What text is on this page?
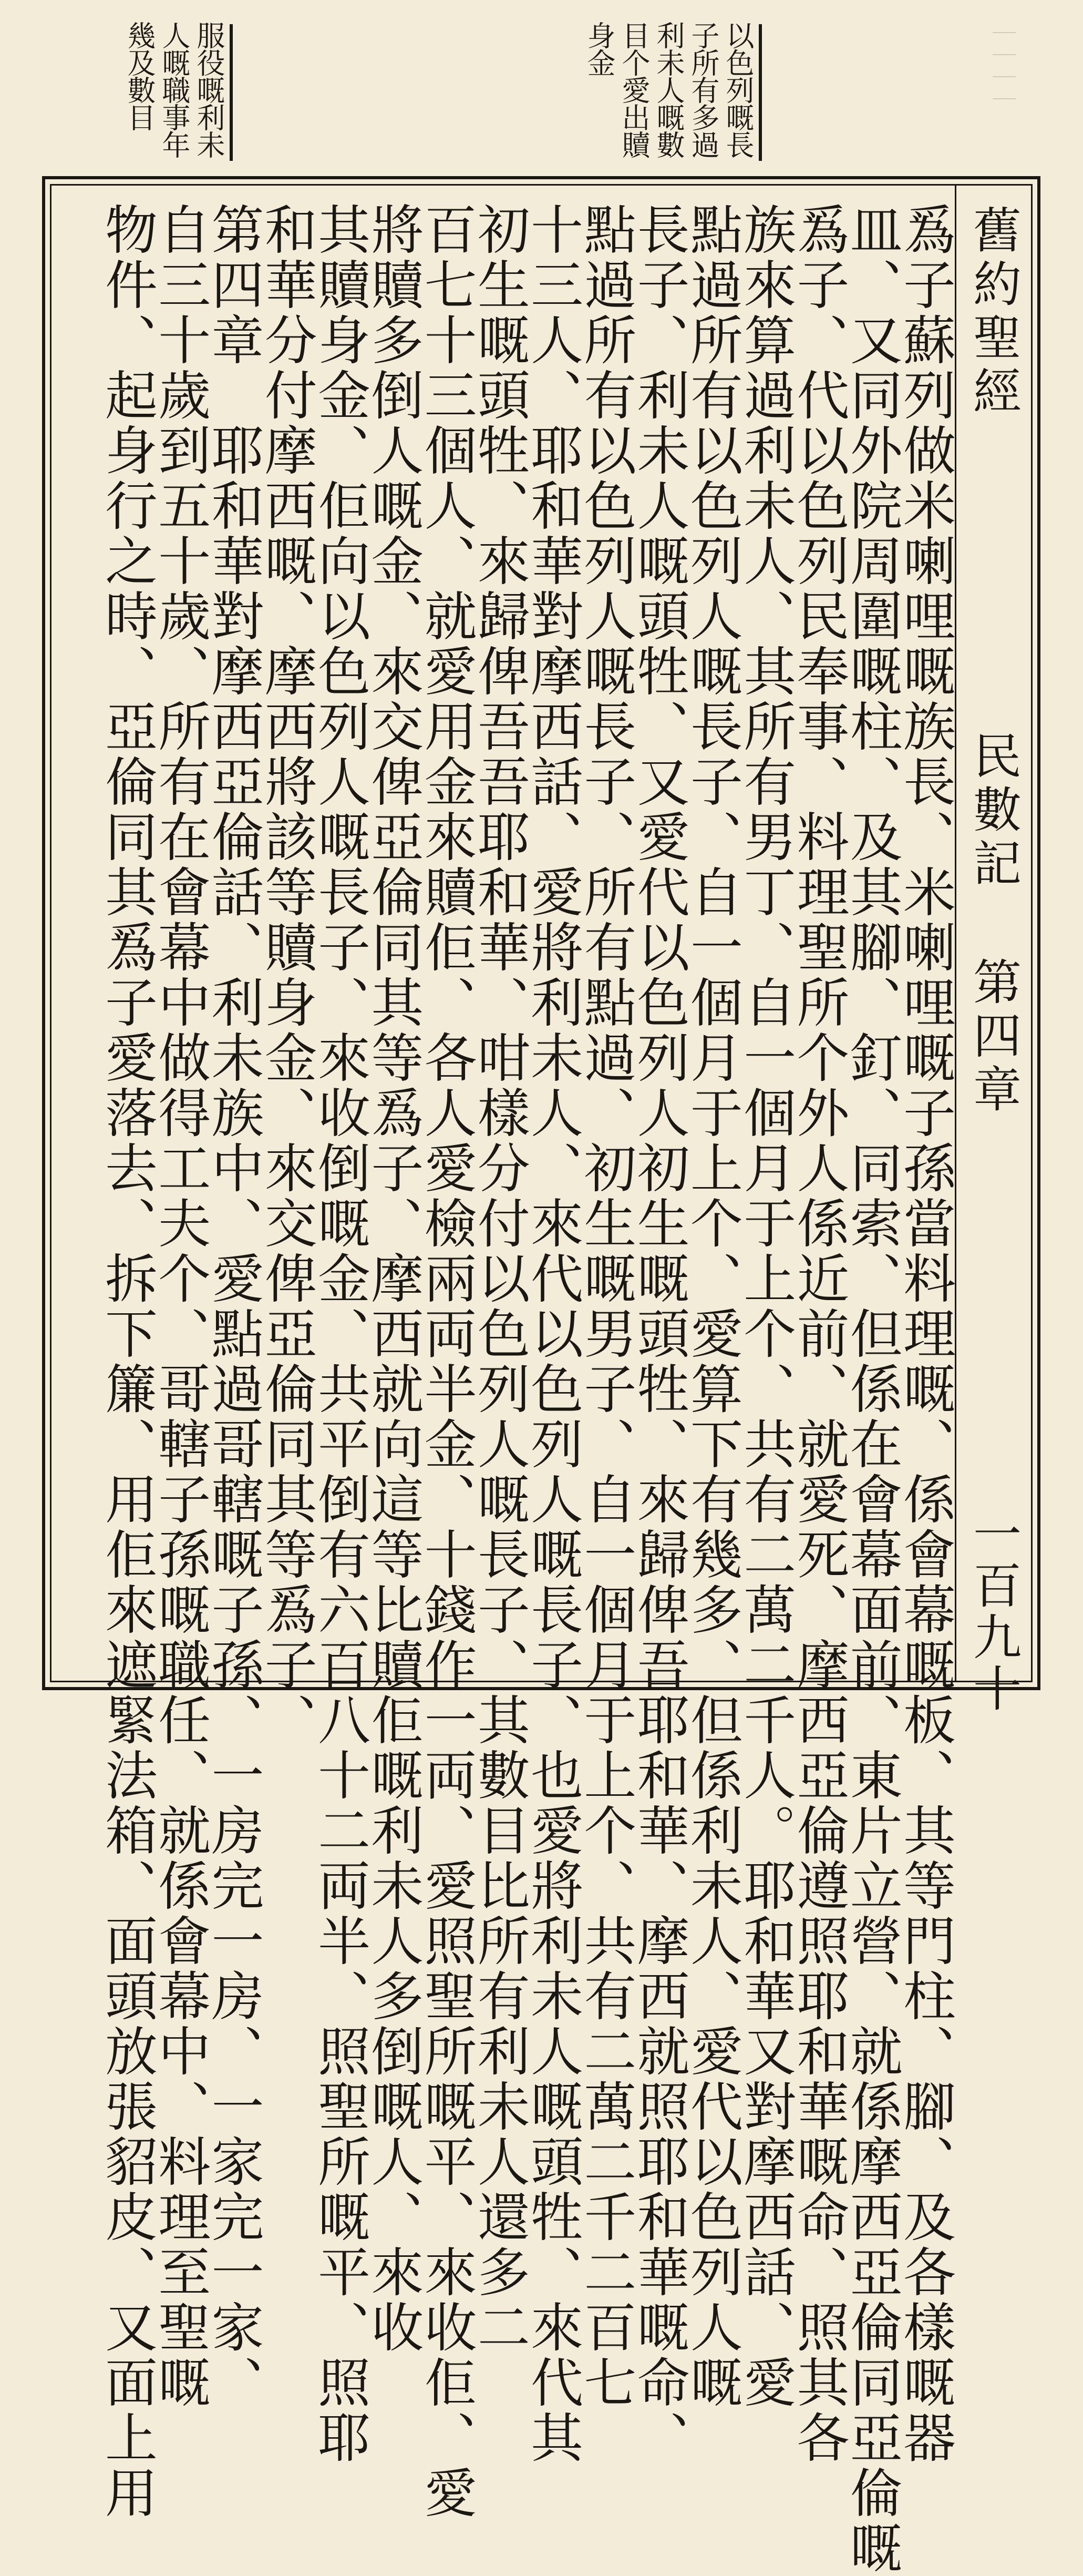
｜｜｜｜
以色列嘅長
子所有多過
利未人嘅數
目个愛出贖
身金
服役嘅利未
人嘅職事年
幾及數目
舊約聖經
民數記
第四章
一百九十
𤔡子蘇列做米喇哩嘅族長、米喇哩嘅子孫當料理嘅、係會幕嘅板、其等門柱、腳、及各樣嘅器
皿、又同外院周圍嘅柱、及其腳、釘、同索、但係在會幕面前、東片立營、就係摩西亞倫同亞倫嘅
𤔡子、代以色列民奉事、料理聖所个外人係近前、就愛死、摩西亞倫遵照耶和華嘅命、照其各
族來算過利未人、其所有男丁、自一個月于上个、共有二萬二千人。耶和華又對摩西話、愛
點過所有以色列人嘅長子、自一個月于上个、愛算下有幾多、但係利未人、愛代以色列人嘅
長子、利未人嘅頭牲、又愛代以色列人初生嘅頭牲、來歸俾吾耶和華、摩西就照耶和華嘅命、
點過所有以色列人嘅長子、所有點過、初生嘅男子、自一個月于上个、共有二萬二千二百七
十三人、耶和華對摩西話、愛將利未人、來代以色列人嘅長子、也愛將利未人嘅頭牲、來代其
初生嘅頭牲、來歸俾吾吾耶和華、咁樣分付以色列人嘅長子、其數目比所有利未人還多二
百七十三個人、就愛用金來贖佢、各人愛檢兩両半金、十錢作一両、愛照聖所嘅平、來收佢、愛
將贖多倒人嘅金、來交俾亞倫同其等𤔡子、摩西就向這等比贖佢嘅利未人多倒嘅人、來收
其贖身金、佢向以色列人嘅長子、來收倒嘅金、共平倒有六百八十二両半、照聖所嘅平、照耶
和華分付摩西嘅、摩西將該等贖身金、來交俾亞倫同其等𤔡子、
第四章　耶和華對摩西亞倫話、利未族中、愛點過哥轄嘅子孫、一房完一房、一家完一家、
自三十歲到五十歲、所有在會幕中做得工夫个、哥轄子孫嘅職任、就係會幕中、料理至聖嘅
物件、起身行之時、亞倫同其𤔡子愛落去、拆下簾、用佢來遮緊法箱、面頭放張貂皮、又面上用
